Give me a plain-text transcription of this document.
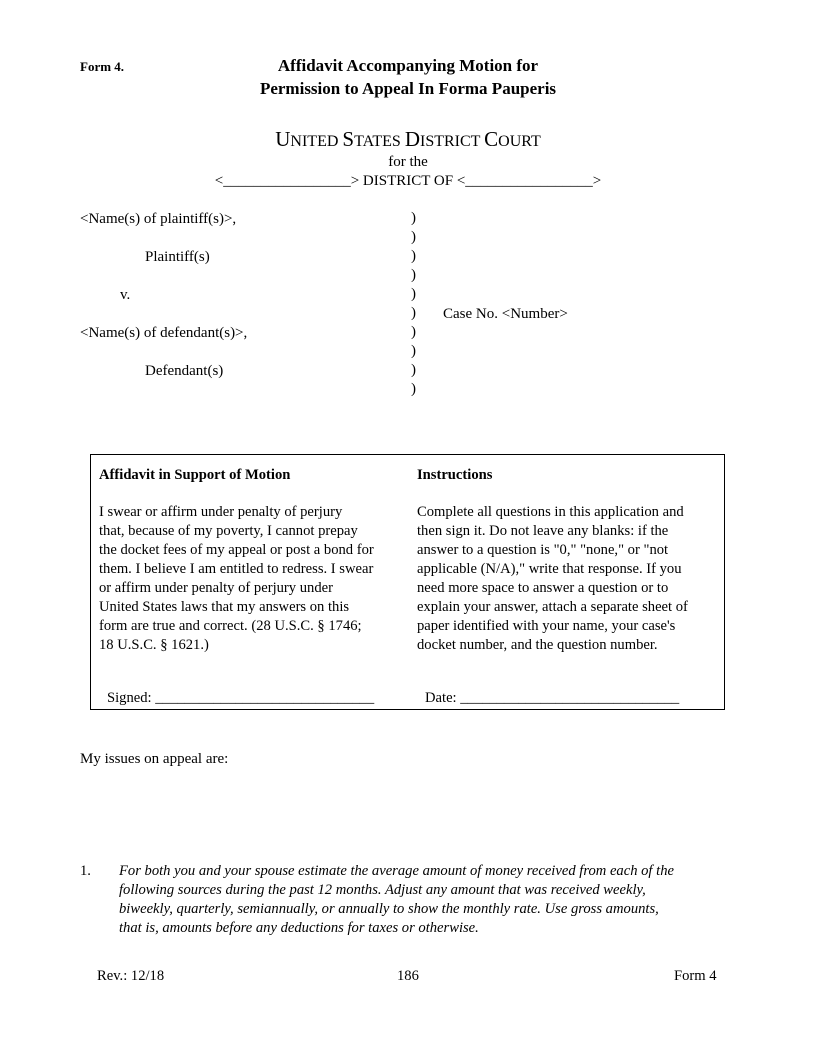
Form 4.	Affidavit Accompanying Motion for
Permission to Appeal In Forma Pauperis
UNITED STATES DISTRICT COURT
for the
<_________________> DISTRICT OF <_________________>
<Name(s) of plaintiff(s)>,
Plaintiff(s)
v.
<Name(s) of defendant(s)>,
Defendant(s)
Case No. <Number>
)
)
)
)
)
)
)
)
)
)
Affidavit in Support of Motion

I swear or affirm under penalty of perjury

that, because of my poverty, I cannot prepay

the docket fees of my appeal or post a bond for

them. I believe I am entitled to redress. I swear

or affirm under penalty of perjury under

United States laws that my answers on this

form are true and correct. (28 U.S.C. § 1746;

18 U.S.C. § 1621.)

Instructions

Complete all questions in this application and

then sign it. Do not leave any blanks: if the

answer to a question is "0," "none," or "not

applicable (N/A)," write that response. If you

need more space to answer a question or to

explain your answer, attach a separate sheet of

paper identified with your name, your case's

docket number, and the question number.

Signed: ______________________________	Date: ______________________________
My issues on appeal are:
1. For both you and your spouse estimate the average amount of money received from each of the
following sources during the past 12 months. Adjust any amount that was received weekly,
biweekly, quarterly, semiannually, or annually to show the monthly rate. Use gross amounts,
that is, amounts before any deductions for taxes or otherwise.
Rev.: 12/18	186	Form 4
